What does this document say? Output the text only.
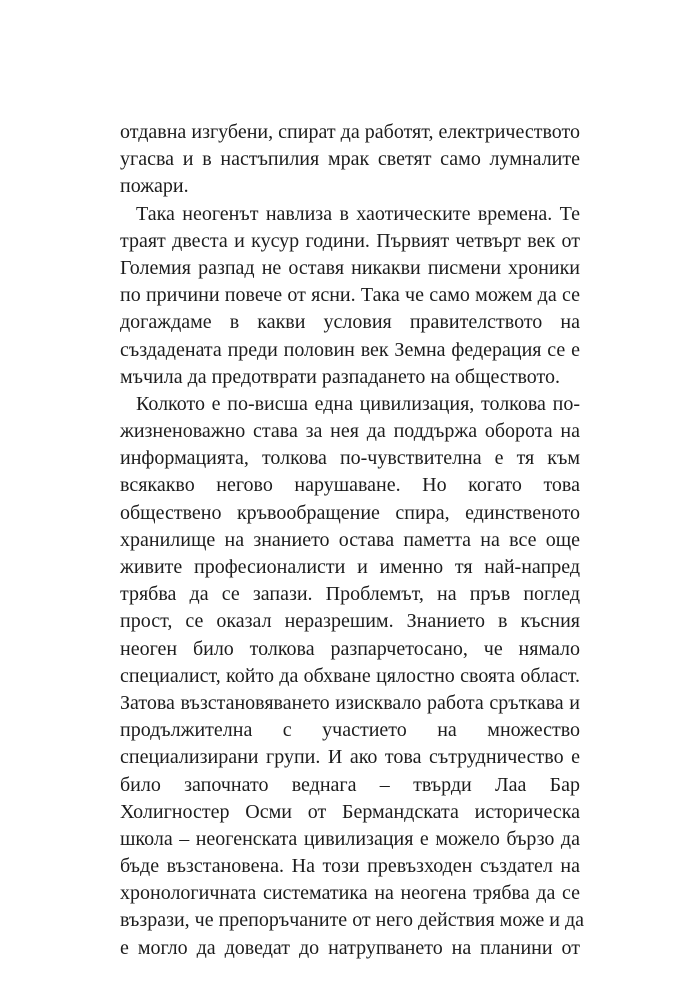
отдавна изгубени, спират да работят, електричеството
угасва и в настъпилия мрак светят само лумналите
пожари.
Така неогенът навлиза в хаотическите времена. Те
траят двеста и кусур години. Първият четвърт век от
Големия разпад не оставя никакви писмени хроники
по причини повече от ясни. Така че само можем да се
догаждаме в какви условия правителството на
създадената преди половин век Земна федерация се е
мъчила да предотврати разпадането на обществото.
Колкото е по-висша една цивилизация, толкова по-
жизненоважно става за нея да поддържа оборота на
информацията, толкова по-чувствителна е тя към
всякакво негово нарушаване. Но когато това
обществено кръвообращение спира, единственото
хранилище на знанието остава паметта на все още
живите професионалисти и именно тя най-напред
трябва да се запази. Проблемът, на пръв поглед
прост, се оказал неразрешим. Знанието в късния
неоген било толкова разпарчетосано, че нямало
специалист, който да обхване цялостно своята област.
Затова възстановяването изисквало работа сръткава и
продължителна с участието на множество
специализирани групи. И ако това сътрудничество е
било започнато веднага – твърди Лаа Бар
Холигностер Осми от Бермандската историческа
школа – неогенската цивилизация е можело бързо да
бъде възстановена. На този превъзходен създател на
хронологичната систематика на неогена трябва да се
възрази, че препоръчаните от него действия може и да
е могло да доведат до натрупването на планини от
